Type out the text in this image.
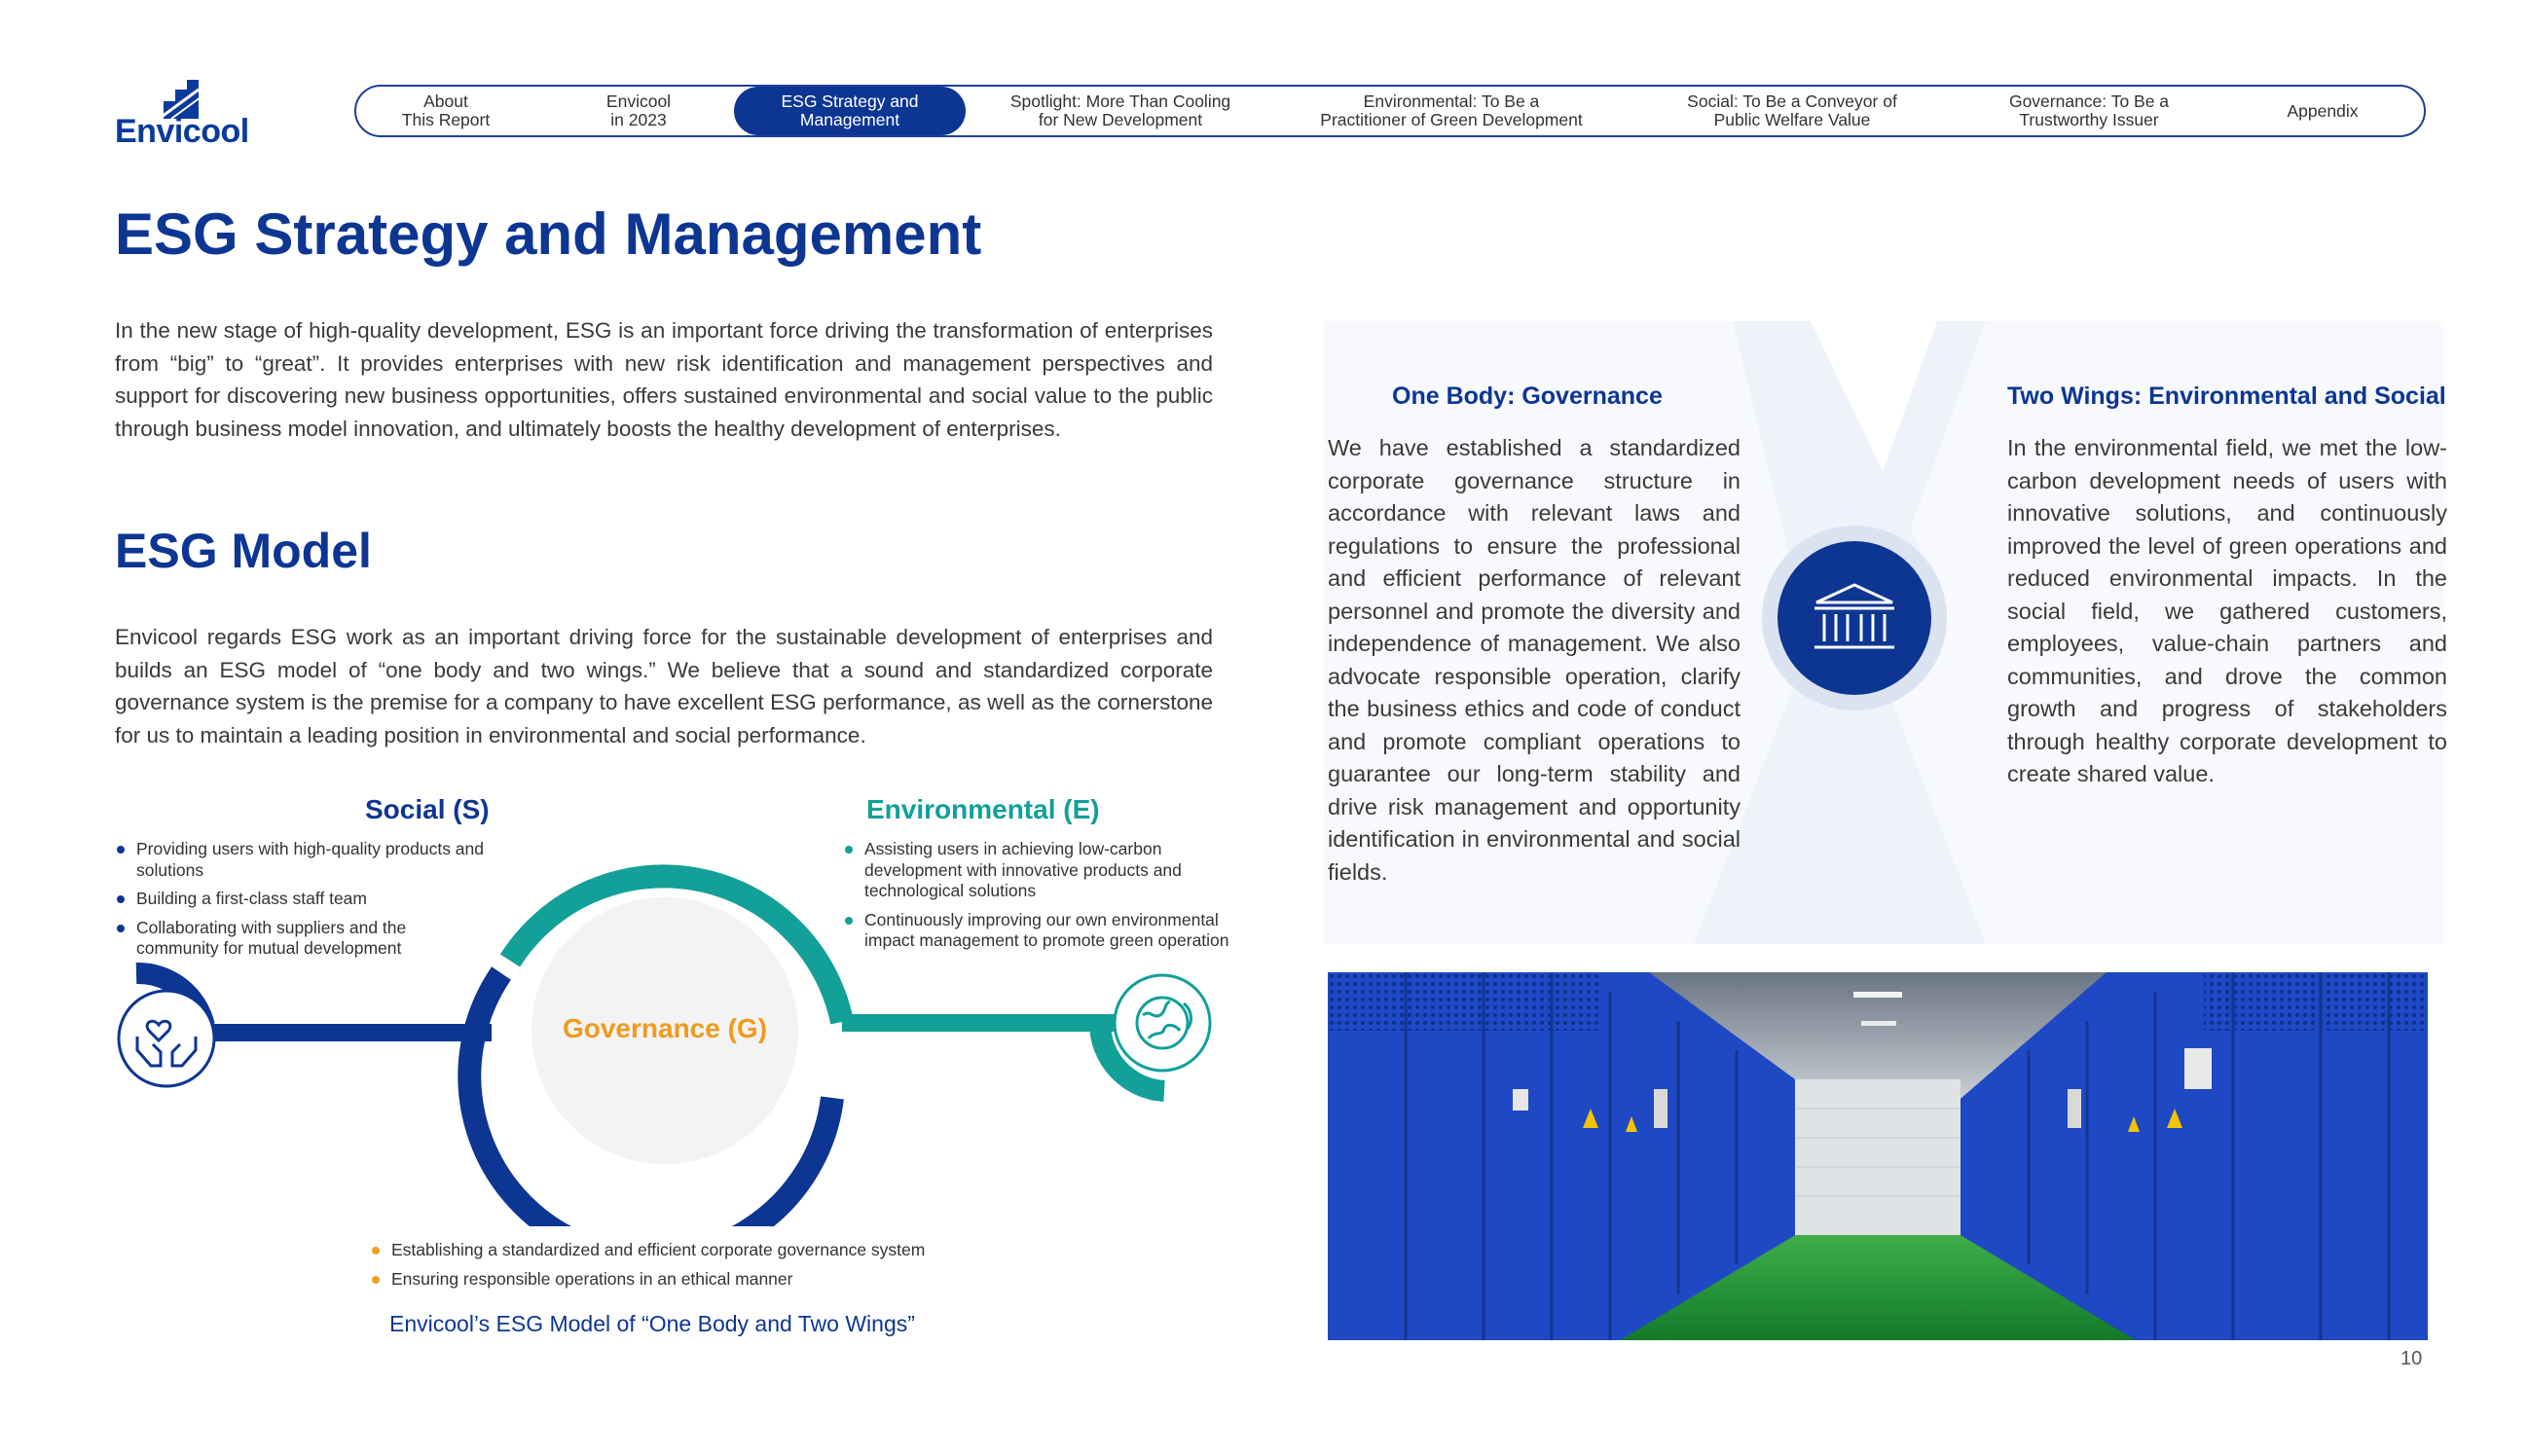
Envicool
About
This Report
Envicool
in 2023
ESG Strategy and
Management
Spotlight: More Than Cooling
for New Development
Environmental: To Be a
Practitioner of Green Development
Social: To Be a Conveyor of
Public Welfare Value
Governance: To Be a
Trustworthy Issuer	Appendix
ESG Strategy and Management

In the new stage of high-quality development, ESG is an important force driving the transformation of enterprises from “big” to “great”. It provides enterprises with new risk identification and management perspectives and support for discovering new business opportunities, offers sustained environmental and social value to the public through business model innovation, and ultimately boosts the healthy development of enterprises.

ESG Model

Envicool regards ESG work as an important driving force for the sustainable development of enterprises and builds an ESG model of “one body and two wings.” We believe that a sound and standardized corporate governance system is the premise for a company to have excellent ESG performance, as well as the cornerstone for us to maintain a leading position in environmental and social performance.

Social (S)
Providing users with high-quality products and solutions
Building a first-class staff team
Collaborating with suppliers and the community for mutual development
Environmental (E)
Assisting users in achieving low-carbon development with innovative products and technological solutions
Continuously improving our own environmental impact management to promote green operation
Governance (G)
Establishing a standardized and efficient corporate governance system
Ensuring responsible operations in an ethical manner
Envicool’s ESG Model of “One Body and Two Wings”
One Body: Governance

We have established a standardized corporate governance structure in accordance with relevant laws and regulations to ensure the professional and efficient performance of relevant personnel and promote the diversity and independence of management. We also advocate responsible operation, clarify the business ethics and code of conduct and promote compliant operations to guarantee our long-term stability and drive risk management and opportunity identification in environmental and social fields.

Two Wings: Environmental and Social

In the environmental field, we met the low-carbon development needs of users with innovative solutions, and continuously improved the level of green operations and reduced environmental impacts. In the social field, we gathered customers, employees, value-chain partners and communities, and drove the common growth and progress of stakeholders through healthy corporate development to create shared value.

10
